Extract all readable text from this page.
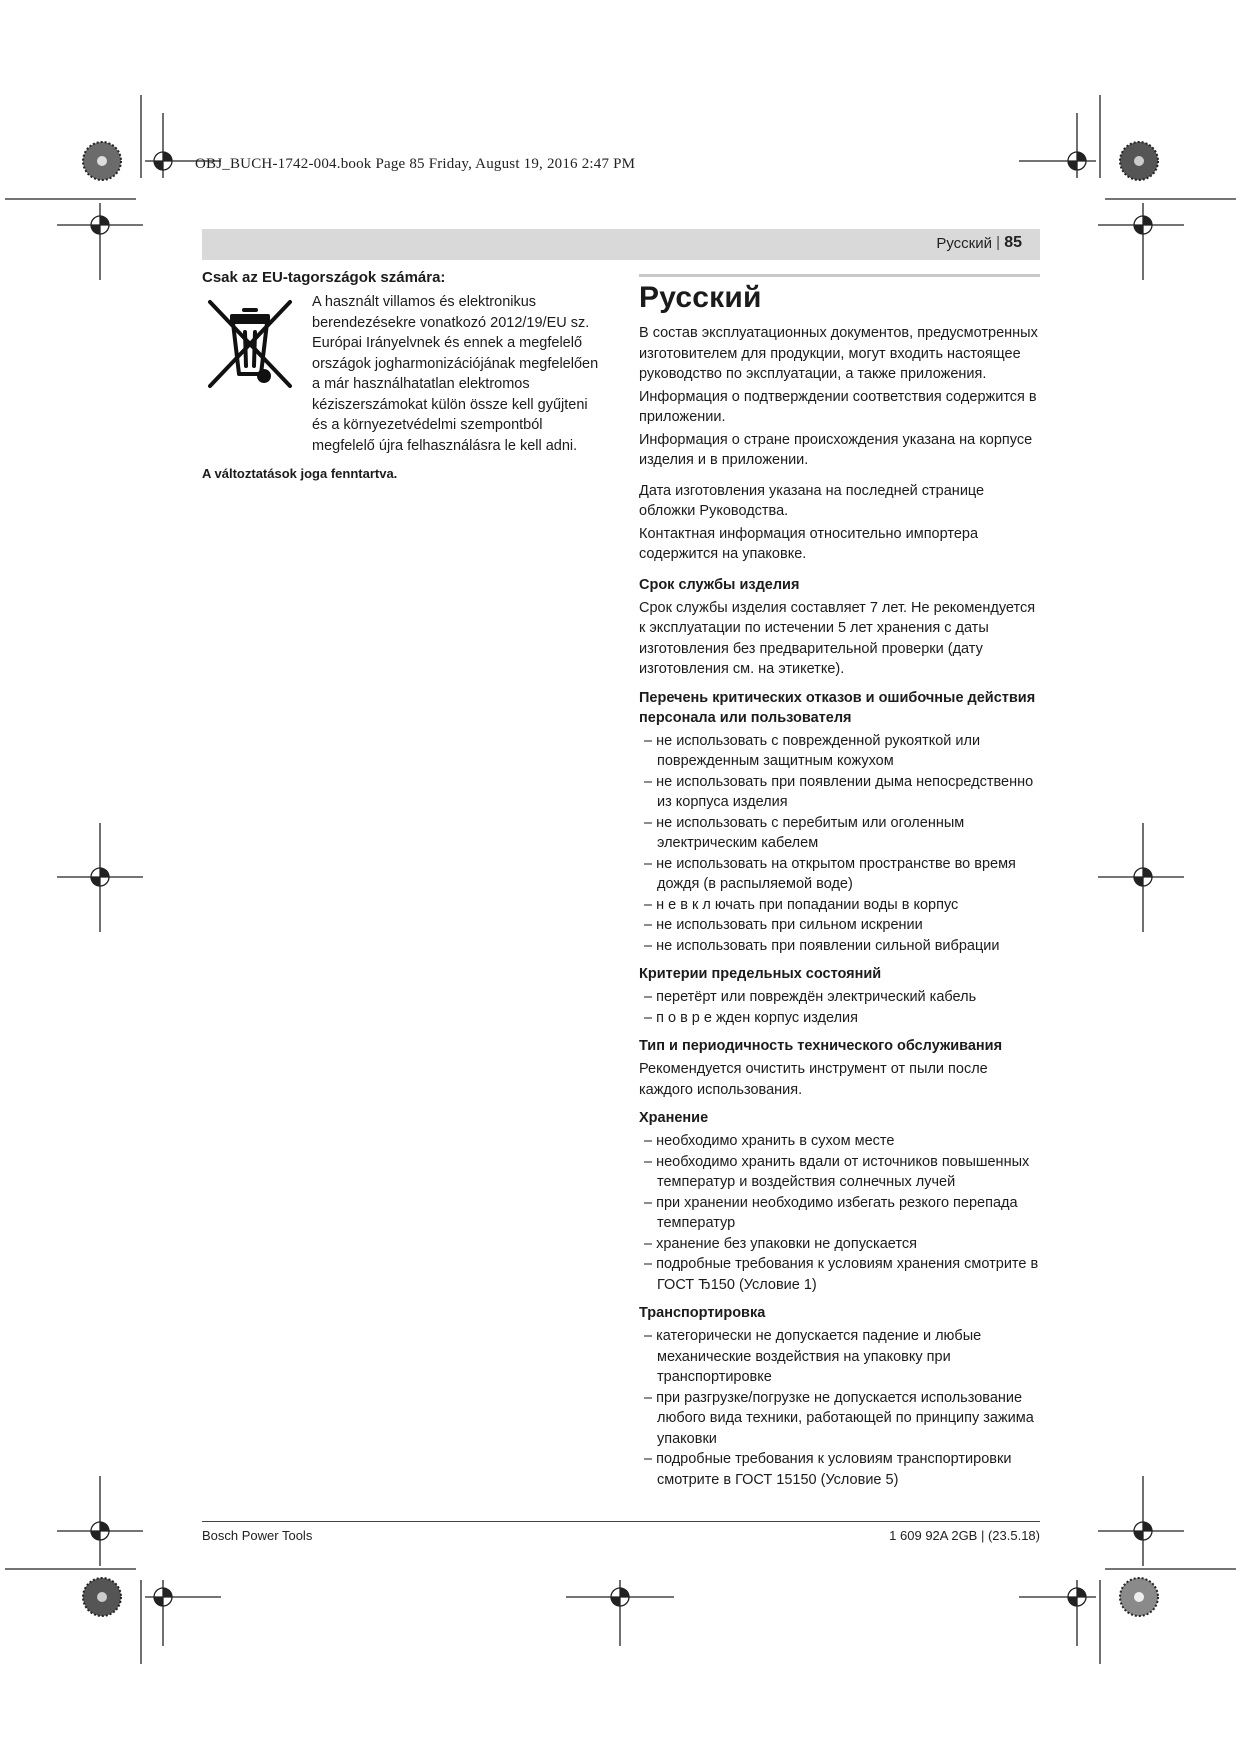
OBJ_BUCH-1742-004.book Page 85 Friday, August 19, 2016 2:47 PM
Русский | 85
Csak az EU-tagországok számára:
A használt villamos és elektronikus berendezésekre vonatkozó 2012/19/EU sz. Európai Irányelvnek és ennek a megfelelő országok jogharmonizációjának megfelelően a már használhatatlan elektromos kéziszerszámokat külön össze kell gyűjteni és a környezetvédelmi szempontból megfelelő újra felhasználásra le kell adni.
A változtatások joga fenntartva.
Русский

В состав эксплуатационных документов, предусмотренных изготовителем для продукции, могут входить настоящее руководство по эксплуатации, а также приложения.

Информация о подтверждении соответствия содержится в приложении.

Информация о стране происхождения указана на корпусе изделия и в приложении.

Дата изготовления указана на последней странице обложки Руководства.

Контактная информация относительно импортера содержится на упаковке.

Срок службы изделия

Срок службы изделия составляет 7 лет. Не рекомендуется к эксплуатации по истечении 5 лет хранения с даты изготовления без предварительной проверки (дату изготовления см. на этикетке).

Перечень критических отказов и ошибочные действия персонала или пользователя
– не использовать с поврежденной рукояткой или поврежденным защитным кожухом
– не использовать при появлении дыма непосредственно из корпуса изделия
– не использовать с перебитым или оголенным электрическим кабелем
– не использовать на открытом пространстве во время дождя (в распыляемой воде)
– н е в к л ючать при попадании воды в корпус
– не использовать при сильном искрении
– не использовать при появлении сильной вибрации
Критерии предельных состояний
– перетёрт или повреждён электрический кабель
– п о в р е жден корпус изделия
Тип и периодичность технического обслуживания

Рекомендуется очистить инструмент от пыли после каждого использования.

Хранение
– необходимо хранить в сухом месте
– необходимо хранить вдали от источников повышенных температур и воздействия солнечных лучей
– при хранении необходимо избегать резкого перепада температур
– хранение без упаковки не допускается
– подробные требования к условиям хранения смотрите в ГОСТ Ђ150 (Условие 1)
Транспортировка
– категорически не допускается падение и любые механические воздействия на упаковку при транспортировке
– при разгрузке/погрузке не допускается использование любого вида техники, работающей по принципу зажима упаковки
– подробные требования к условиям транспортировки смотрите в ГОСТ 15150 (Условие 5)
Bosch Power Tools	1 609 92A 2GB | (23.5.18)
